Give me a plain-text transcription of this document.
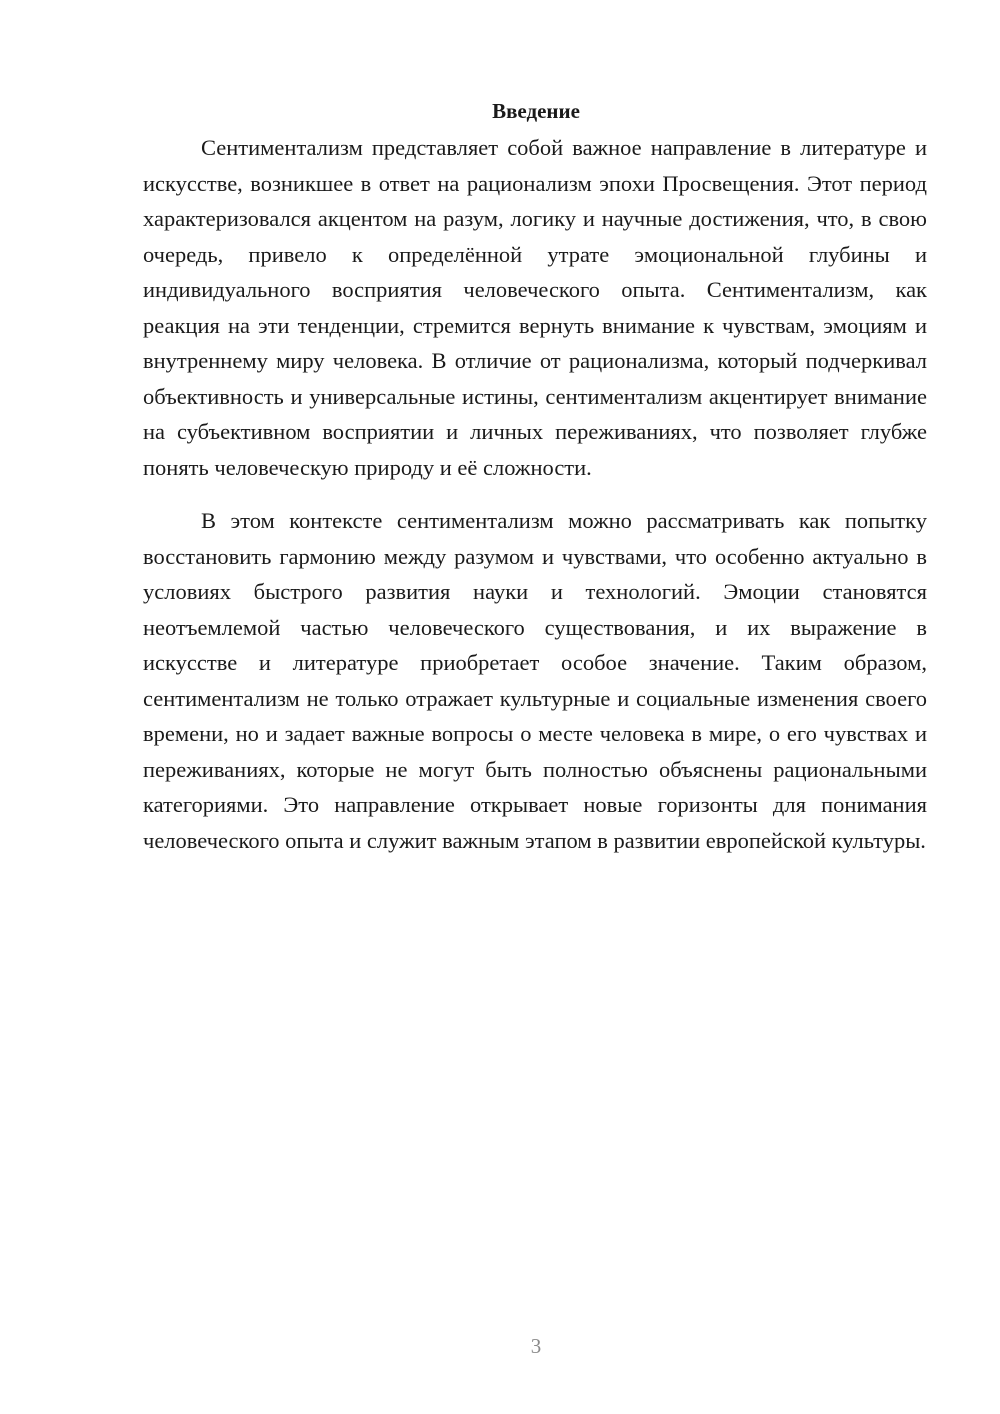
Введение

Сентиментализм представляет собой важное направление в литературе и искусстве, возникшее в ответ на рационализм эпохи Просвещения. Этот период характеризовался акцентом на разум, логику и научные достижения, что, в свою очередь, привело к определённой утрате эмоциональной глубины и индивидуального восприятия человеческого опыта. Сентиментализм, как реакция на эти тенденции, стремится вернуть внимание к чувствам, эмоциям и внутреннему миру человека. В отличие от рационализма, который подчеркивал объективность и универсальные истины, сентиментализм акцентирует внимание на субъективном восприятии и личных переживаниях, что позволяет глубже понять человеческую природу и её сложности.

В этом контексте сентиментализм можно рассматривать как попытку восстановить гармонию между разумом и чувствами, что особенно актуально в условиях быстрого развития науки и технологий. Эмоции становятся неотъемлемой частью человеческого существования, и их выражение в искусстве и литературе приобретает особое значение. Таким образом, сентиментализм не только отражает культурные и социальные изменения своего времени, но и задает важные вопросы о месте человека в мире, о его чувствах и переживаниях, которые не могут быть полностью объяснены рациональными категориями. Это направление открывает новые горизонты для понимания человеческого опыта и служит важным этапом в развитии европейской культуры.

3
